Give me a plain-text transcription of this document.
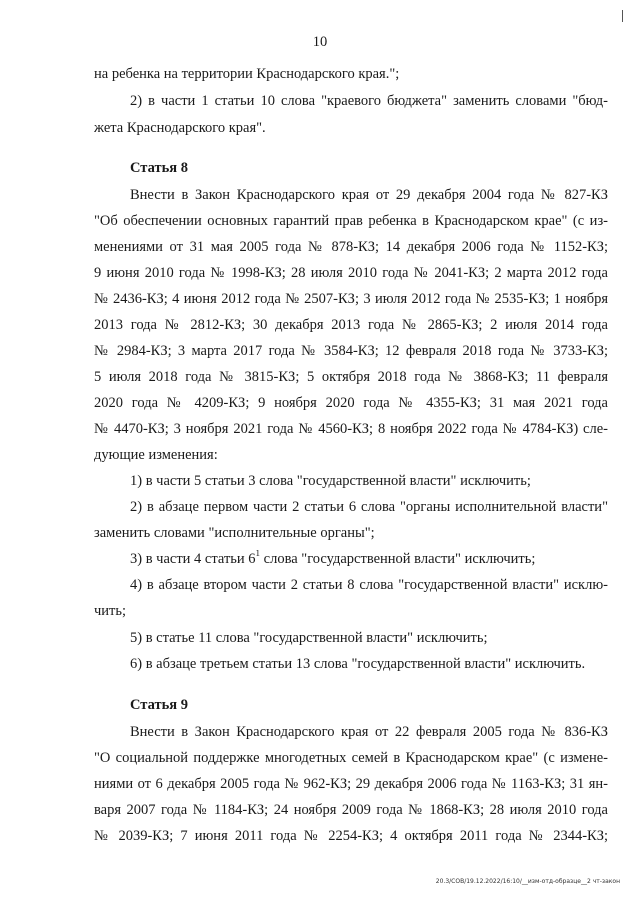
10
на ребенка на территории Краснодарского края.";
2) в части 1 статьи 10 слова "краевого бюджета" заменить словами "бюд-
жета Краснодарского края".
Статья 8
Внести в Закон Краснодарского края от 29 декабря 2004 года № 827-КЗ
"Об обеспечении основных гарантий прав ребенка в Краснодарском крае" (с из-
менениями от 31 мая 2005 года № 878-КЗ; 14 декабря 2006 года № 1152-КЗ;
9 июня 2010 года № 1998-КЗ; 28 июля 2010 года № 2041-КЗ; 2 марта 2012 года
№ 2436-КЗ; 4 июня 2012 года № 2507-КЗ; 3 июля 2012 года № 2535-КЗ; 1 ноября
2013 года № 2812-КЗ; 30 декабря 2013 года № 2865-КЗ; 2 июля 2014 года
№ 2984-КЗ; 3 марта 2017 года № 3584-КЗ; 12 февраля 2018 года № 3733-КЗ;
5 июля 2018 года № 3815-КЗ; 5 октября 2018 года № 3868-КЗ; 11 февраля
2020 года № 4209-КЗ; 9 ноября 2020 года № 4355-КЗ; 31 мая 2021 года
№ 4470-КЗ; 3 ноября 2021 года № 4560-КЗ; 8 ноября 2022 года № 4784-КЗ) сле-
дующие изменения:
1) в части 5 статьи 3 слова "государственной власти" исключить;
2) в абзаце первом части 2 статьи 6 слова "органы исполнительной власти"
заменить словами "исполнительные органы";
3) в части 4 статьи $6^1$ слова "государственной власти" исключить;
4) в абзаце втором части 2 статьи 8 слова "государственной власти" исклю-
чить;
5) в статье 11 слова "государственной власти" исключить;
6) в абзаце третьем статьи 13 слова "государственной власти" исключить.
Статья 9
Внести в Закон Краснодарского края от 22 февраля 2005 года № 836-КЗ
"О социальной поддержке многодетных семей в Краснодарском крае" (с измене-
ниями от 6 декабря 2005 года № 962-КЗ; 29 декабря 2006 года № 1163-КЗ; 31 ян-
варя 2007 года № 1184-КЗ; 24 ноября 2009 года № 1868-КЗ; 28 июля 2010 года
№ 2039-КЗ; 7 июня 2011 года № 2254-КЗ; 4 октября 2011 года № 2344-КЗ;
20.3/СОВ/19.12.2022/16:10/__изм-отд-образце__2 чт-закон
